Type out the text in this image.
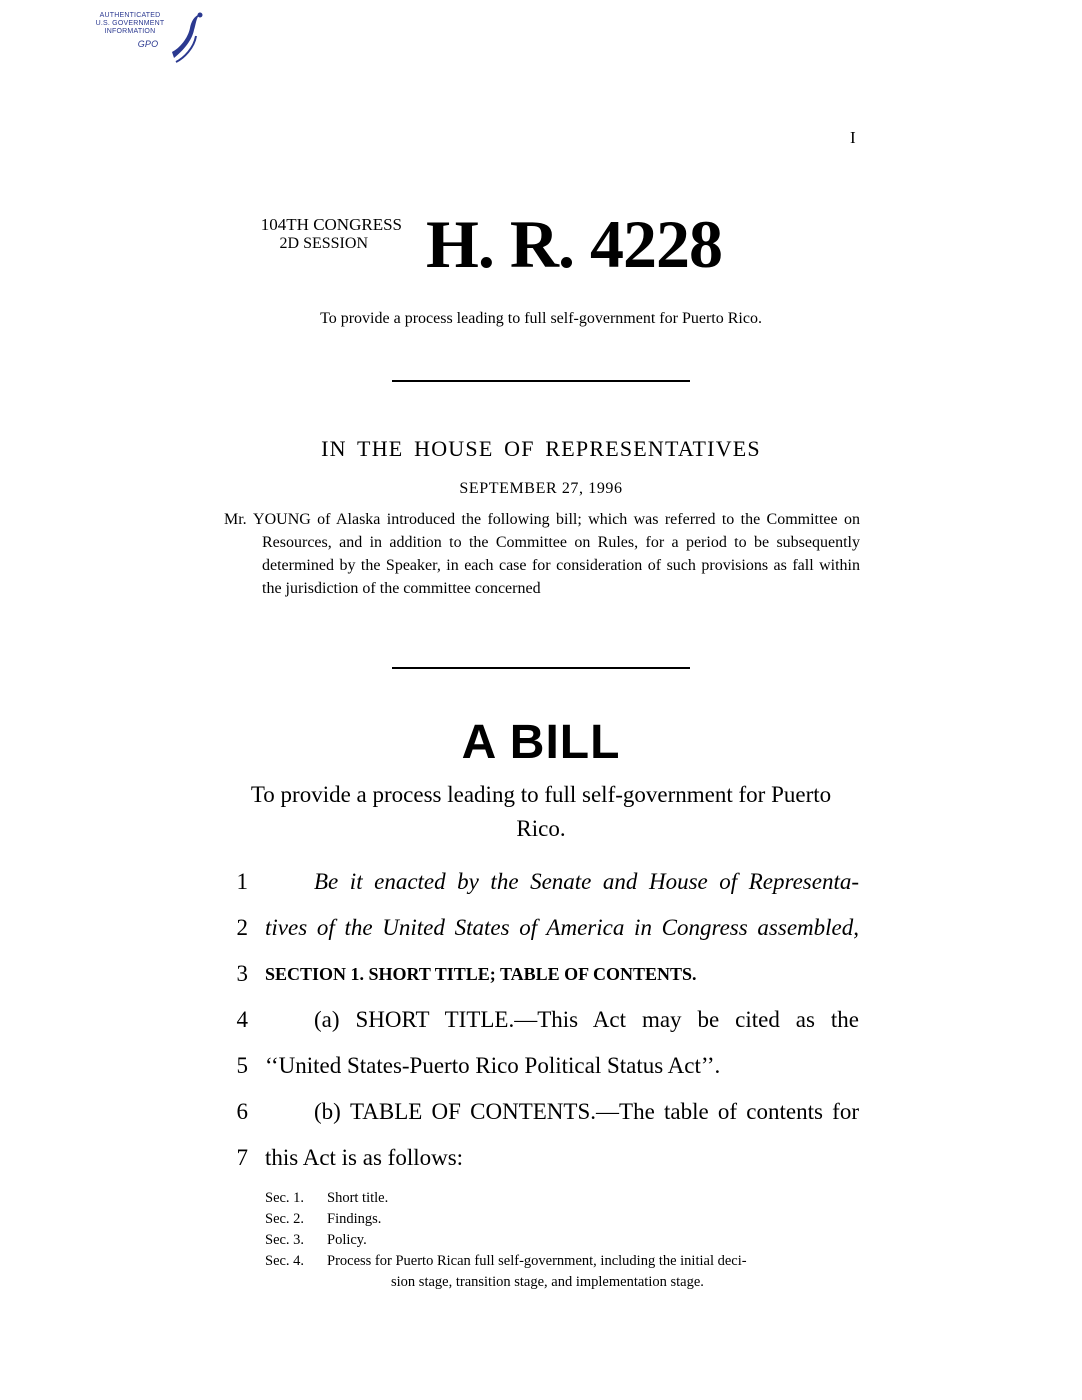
AUTHENTICATED
U.S. GOVERNMENT
INFORMATION
GPO
I
104TH CONGRESS
2D SESSION H. R. 4228
To provide a process leading to full self-government for Puerto Rico.
IN THE HOUSE OF REPRESENTATIVES
SEPTEMBER 27, 1996
Mr. YOUNG of Alaska introduced the following bill; which was referred to the Committee on Resources, and in addition to the Committee on Rules, for a period to be subsequently determined by the Speaker, in each case for consideration of such provisions as fall within the jurisdiction of the committee concerned
A BILL
To provide a process leading to full self-government for Puerto Rico.
1	Be it enacted by the Senate and House of Representa-
2 tives of the United States of America in Congress assembled,
3 SECTION 1. SHORT TITLE; TABLE OF CONTENTS.
4	(a) SHORT TITLE.—This Act may be cited as the
5 ‘‘United States-Puerto Rico Political Status Act’’.
6	(b) TABLE OF CONTENTS.—The table of contents for
7 this Act is as follows:
Sec. 1. Short title.
Sec. 2. Findings.
Sec. 3. Policy.
Sec. 4. Process for Puerto Rican full self-government, including the initial deci-
sion stage, transition stage, and implementation stage.
